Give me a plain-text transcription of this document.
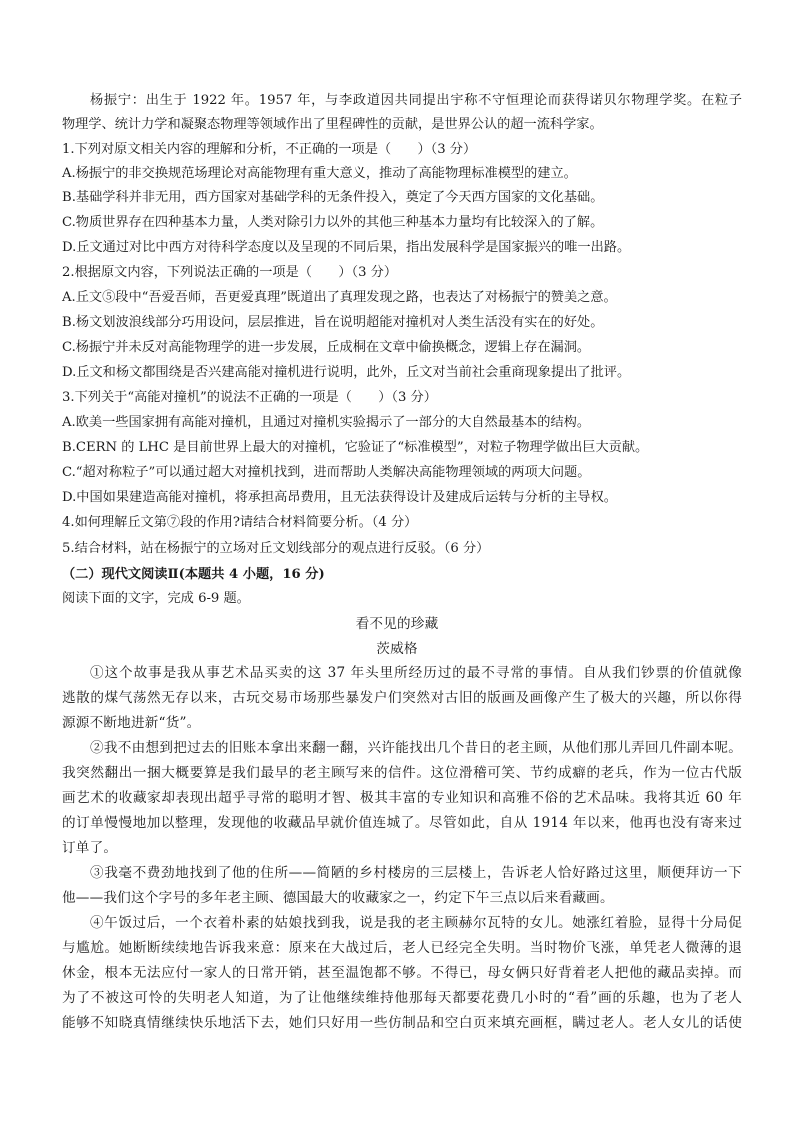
杨振宁：出生于 1922 年。1957 年，与李政道因共同提出宇称不守恒理论而获得诺贝尔物理学奖。在粒子
物理学、统计力学和凝聚态物理等领域作出了里程碑性的贡献，是世界公认的超一流科学家。
1.下列对原文相关内容的理解和分析，不正确的一项是（　　）（3 分）
A.杨振宁的非交换规范场理论对高能物理有重大意义，推动了高能物理标准模型的建立。
B.基础学科并非无用，西方国家对基础学科的无条件投入，奠定了今天西方国家的文化基础。
C.物质世界存在四种基本力量，人类对除引力以外的其他三种基本力量均有比较深入的了解。
D.丘文通过对比中西方对待科学态度以及呈现的不同后果，指出发展科学是国家振兴的唯一出路。
2.根据原文内容，下列说法正确的一项是（　　）（3 分）
A.丘文⑤段中“吾爱吾师，吾更爱真理”既道出了真理发现之路，也表达了对杨振宁的赞美之意。
B.杨文划波浪线部分巧用设问，层层推进，旨在说明超能对撞机对人类生活没有实在的好处。
C.杨振宁并未反对高能物理学的进一步发展，丘成桐在文章中偷换概念，逻辑上存在漏洞。
D.丘文和杨文都围绕是否兴建高能对撞机进行说明，此外，丘文对当前社会重商现象提出了批评。
3.下列关于“高能对撞机”的说法不正确的一项是（　　）（3 分）
A.欧美一些国家拥有高能对撞机，且通过对撞机实验揭示了一部分的大自然最基本的结构。
B.CERN 的 LHC 是目前世界上最大的对撞机，它验证了“标准模型”，对粒子物理学做出巨大贡献。
C.“超对称粒子”可以通过超大对撞机找到，进而帮助人类解决高能物理领域的两项大问题。
D.中国如果建造高能对撞机，将承担高昂费用，且无法获得设计及建成后运转与分析的主导权。
4.如何理解丘文第⑦段的作用?请结合材料简要分析。（4 分）
5.结合材料，站在杨振宁的立场对丘文划线部分的观点进行反驳。（6 分）
（二）现代文阅读Ⅱ(本题共 4 小题，16 分)
阅读下面的文字，完成 6-9 题。
看不见的珍藏
茨威格
①这个故事是我从事艺术品买卖的这 37 年头里所经历过的最不寻常的事情。自从我们钞票的价值就像
逃散的煤气荡然无存以来，古玩交易市场那些暴发户们突然对古旧的版画及画像产生了极大的兴趣，所以你得
源源不断地进新“货”。
②我不由想到把过去的旧账本拿出来翻一翻，兴许能找出几个昔日的老主顾，从他们那儿弄回几件副本呢。
我突然翻出一捆大概要算是我们最早的老主顾写来的信件。这位滑稽可笑、节约成癖的老兵，作为一位古代版
画艺术的收藏家却表现出超乎寻常的聪明才智、极其丰富的专业知识和高雅不俗的艺术品味。我将其近 60 年
的订单慢慢地加以整理，发现他的收藏品早就价值连城了。尽管如此，自从 1914 年以来，他再也没有寄来过
订单了。
③我毫不费劲地找到了他的住所——简陋的乡村楼房的三层楼上，告诉老人恰好路过这里，顺便拜访一下
他——我们这个字号的多年老主顾、德国最大的收藏家之一，约定下午三点以后来看藏画。
④午饭过后，一个衣着朴素的姑娘找到我，说是我的老主顾赫尔瓦特的女儿。她涨红着脸，显得十分局促
与尴尬。她断断续续地告诉我来意：原来在大战过后，老人已经完全失明。当时物价飞涨，单凭老人微薄的退
休金，根本无法应付一家人的日常开销，甚至温饱都不够。不得已，母女俩只好背着老人把他的藏品卖掉。而
为了不被这可怜的失明老人知道，为了让他继续维持他那每天都要花费几小时的“看”画的乐趣，也为了老人
能够不知晓真情继续快乐地活下去，她们只好用一些仿制品和空白页来填充画框，瞒过老人。老人女儿的话使
